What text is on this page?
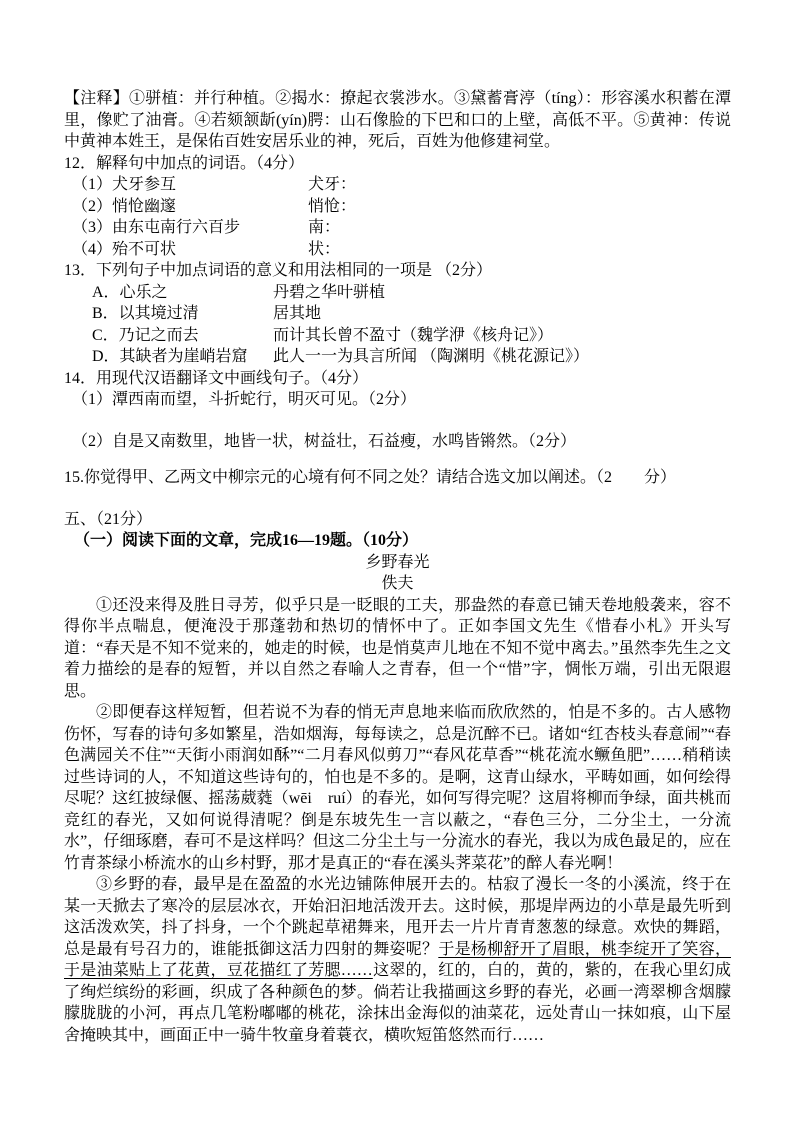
【注释】①骈植：并行种植。②揭水：撩起衣裳涉水。③黛蓄膏渟（tíng）：形容溪水积蓄在潭里，像贮了油膏。④若颏颔龂(yín)腭：山石像脸的下巴和口的上壁，高低不平。⑤黄神：传说中黄神本姓王，是保佑百姓安居乐业的神，死后，百姓为他修建祠堂。

12．解释句中加点的词语。（4分）

（1）犬牙参互	犬牙：
（2）悄怆幽邃	悄怆：
（3）由东屯南行六百步	南：
（4）殆不可状	状：

13．下列句子中加点词语的意义和用法相同的一项是 （2分）

A．心乐之	丹碧之华叶骈植
B．以其境过清	居其地
C．乃记之而去	而计其长曾不盈寸（魏学洢《核舟记》）
D．其缺者为崖峭岩窟	此人一一为具言所闻 （陶渊明《桃花源记》）

14．用现代汉语翻译文中画线句子。（4分）

（1）潭西南而望，斗折蛇行，明灭可见。（2分）

（2）自是又南数里，地皆一状，树益壮，石益瘦，水鸣皆锵然。（2分）

15.你觉得甲、乙两文中柳宗元的心境有何不同之处？请结合选文加以阐述。（2　　分）

五、（21分）

（一）阅读下面的文章，完成16—19题。（10分）

乡野春光

佚夫

①还没来得及胜日寻芳，似乎只是一眨眼的工夫，那盎然的春意已铺天卷地般袭来，容不得你半点喘息，便淹没于那蓬勃和热切的情怀中了。正如李国文先生《惜春小札》开头写道：“春天是不知不觉来的，她走的时候，也是悄莫声儿地在不知不觉中离去。”虽然李先生之文着力描绘的是春的短暂，并以自然之春喻人之青春，但一个“惜”字，惆怅万端，引出无限遐思。

②即便春这样短暂，但若说不为春的悄无声息地来临而欣欣然的，怕是不多的。古人感物伤怀，写春的诗句多如繁星，浩如烟海，每每读之，总是沉醉不已。诸如“红杏枝头春意闹”“春色满园关不住”“天街小雨润如酥”“二月春风似剪刀”“春风花草香”“桃花流水鳜鱼肥”……稍稍读过些诗词的人，不知道这些诗句的，怕也是不多的。是啊，这青山绿水，平畴如画，如何绘得尽呢？这红披绿偃、摇荡葳蕤（wēi　ruí）的春光，如何写得完呢？这眉将柳而争绿，面共桃而竞红的春光，又如何说得清呢？倒是东坡先生一言以蔽之，“春色三分，二分尘土，一分流水”，仔细琢磨，春可不是这样吗？但这二分尘土与一分流水的春光，我以为成色最足的，应在竹青茶绿小桥流水的山乡村野，那才是真正的“春在溪头荠菜花”的醉人春光啊！

③乡野的春，最早是在盈盈的水光边铺陈伸展开去的。枯寂了漫长一冬的小溪流，终于在某一天掀去了寒冷的层层冰衣，开始汩汩地活泼开去。这时候，那堤岸两边的小草是最先听到这活泼欢笑，抖了抖身，一个个跳起草裙舞来，甩开去一片片青青葱葱的绿意。欢快的舞蹈，总是最有号召力的，谁能抵御这活力四射的舞姿呢？于是杨柳舒开了眉眼，桃李绽开了笑容，于是油菜贴上了花黄，豆花描红了芳腮……这翠的，红的，白的，黄的，紫的，在我心里幻成了绚烂缤纷的彩画，织成了各种颜色的梦。倘若让我描画这乡野的春光，必画一湾翠柳含烟朦朦胧胧的小河，再点几笔粉嘟嘟的桃花，涂抹出金海似的油菜花，远处青山一抹如痕，山下屋舍掩映其中，画面正中一骑牛牧童身着蓑衣，横吹短笛悠然而行……
